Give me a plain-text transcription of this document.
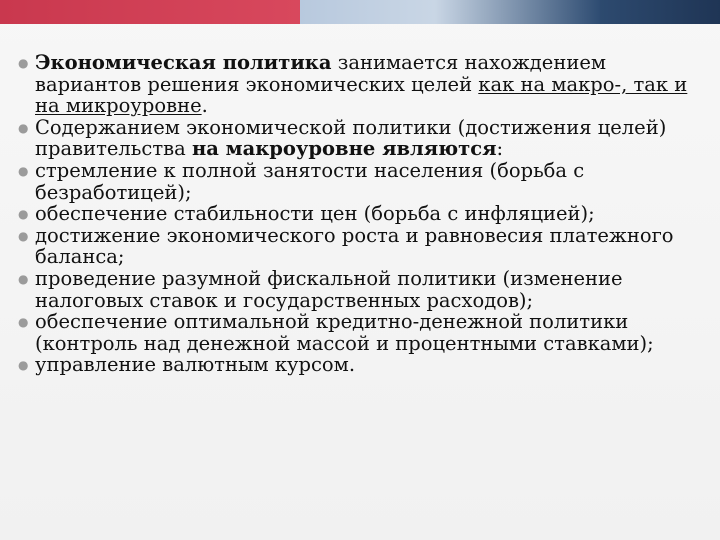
● Экономическая политика занимается нахождением вариантов решения экономических целей как на макро-, так и на микроуровне.
● Содержанием экономической политики (достижения целей) правительства на макроуровне являются:
● стремление к полной занятости населения (борьба с безработицей);
● обеспечение стабильности цен (борьба с инфляцией);
● достижение экономического роста и равновесия платежного баланса;
● проведение разумной фискальной политики (изменение налоговых ставок и государственных расходов);
● обеспечение оптимальной кредитно-денежной политики (контроль над денежной массой и процентными ставками);
● управление валютным курсом.
